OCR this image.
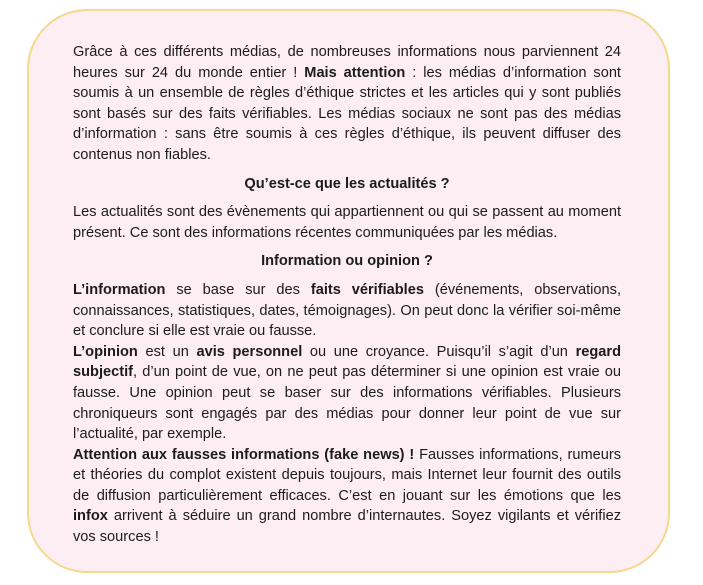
Grâce à ces différents médias, de nombreuses informations nous parviennent 24 heures sur 24 du monde entier ! Mais attention : les médias d’information sont soumis à un ensemble de règles d’éthique strictes et les articles qui y sont publiés sont basés sur des faits vérifiables. Les médias sociaux ne sont pas des médias d’information : sans être soumis à ces règles d’éthique, ils peuvent diffuser des contenus non fiables.

Qu’est-ce que les actualités ?

Les actualités sont des évènements qui appartiennent ou qui se passent au moment présent. Ce sont des informations récentes communiquées par les médias.

Information ou opinion ?

L’information se base sur des faits vérifiables (événements, observations, connaissances, statistiques, dates, témoignages). On peut donc la vérifier soi-même et conclure si elle est vraie ou fausse.

L’opinion est un avis personnel ou une croyance. Puisqu’il s’agit d’un regard subjectif, d’un point de vue, on ne peut pas déterminer si une opinion est vraie ou fausse. Une opinion peut se baser sur des informations vérifiables. Plusieurs chroniqueurs sont engagés par des médias pour donner leur point de vue sur l’actualité, par exemple.

Attention aux fausses informations (fake news) ! Fausses informations, rumeurs et théories du complot existent depuis toujours, mais Internet leur fournit des outils de diffusion particulièrement efficaces. C’est en jouant sur les émotions que les infox arrivent à séduire un grand nombre d’internautes. Soyez vigilants et vérifiez vos sources !
